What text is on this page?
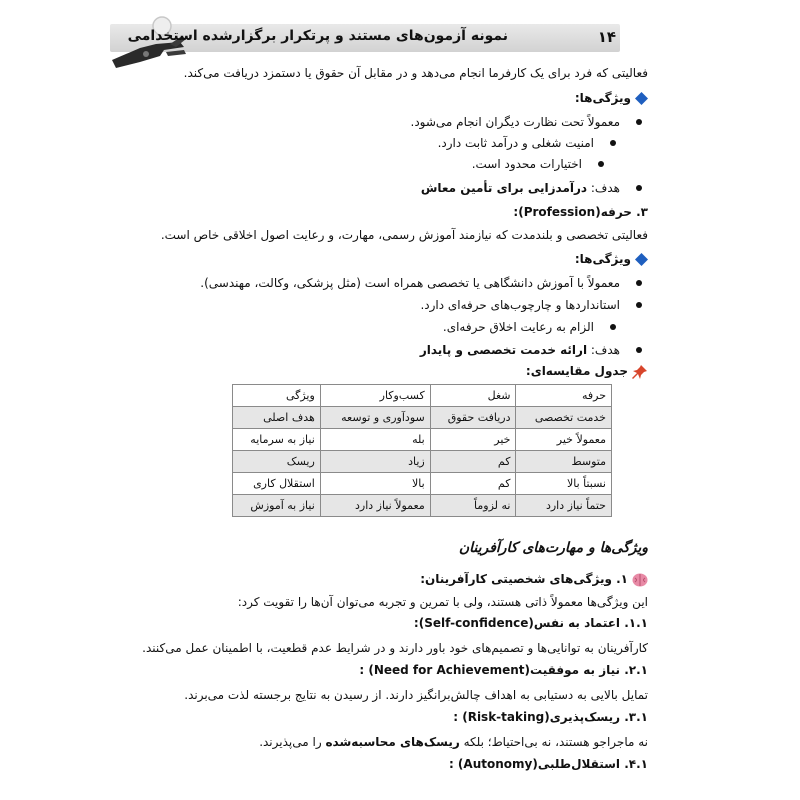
نمونه آزمون‌های مستند و پرتکرار برگزارشده استخدامی	۱۴
فعالیتی که فرد برای یک کارفرما انجام می‌دهد و در مقابل آن حقوق یا دستمزد دریافت می‌کند.
ویژگی‌ها:
معمولاً تحت نظارت دیگران انجام می‌شود.
امنیت شغلی و درآمد ثابت دارد.
اختیارات محدود است.
هدف: درآمدزایی برای تأمین معاش
۳. حرفه(Profession):
فعالیتی تخصصی و بلندمدت که نیازمند آموزش رسمی، مهارت، و رعایت اصول اخلاقی خاص است.
ویژگی‌ها:
معمولاً با آموزش دانشگاهی یا تخصصی همراه است (مثل پزشکی، وکالت، مهندسی).
استانداردها و چارچوب‌های حرفه‌ای دارد.
الزام به رعایت اخلاق حرفه‌ای.
هدف: ارائه خدمت تخصصی و پایدار
جدول مقایسه‌ای:
حرفه	شغل	کسب‌وکار	ویژگی
خدمت تخصصی	دریافت حقوق	سودآوری و توسعه	هدف اصلی
معمولاً خیر	خیر	بله	نیاز به سرمایه
متوسط	کم	زیاد	ریسک
نسبتاً بالا	کم	بالا	استقلال کاری
حتماً نیاز دارد	نه لزوماً	معمولاً نیاز دارد	نیاز به آموزش
ویژگی‌ها و مهارت‌های کارآفرینان
۱. ویژگی‌های شخصیتی کارآفرینان:
این ویژگی‌ها معمولاً ذاتی هستند، ولی با تمرین و تجربه می‌توان آن‌ها را تقویت کرد:
۱.۱. اعتماد به نفس(Self-confidence):
کارآفرینان به توانایی‌ها و تصمیم‌های خود باور دارند و در شرایط عدم قطعیت، با اطمینان عمل می‌کنند.
۲.۱. نیاز به موفقیت(Need for Achievement) :
تمایل بالایی به دستیابی به اهداف چالش‌برانگیز دارند. از رسیدن به نتایج برجسته لذت می‌برند.
۳.۱. ریسک‌پذیری(Risk-taking) :
نه ماجراجو هستند، نه بی‌احتیاط؛ بلکه ریسک‌های محاسبه‌شده را می‌پذیرند.
۴.۱. استقلال‌طلبی(Autonomy) :
